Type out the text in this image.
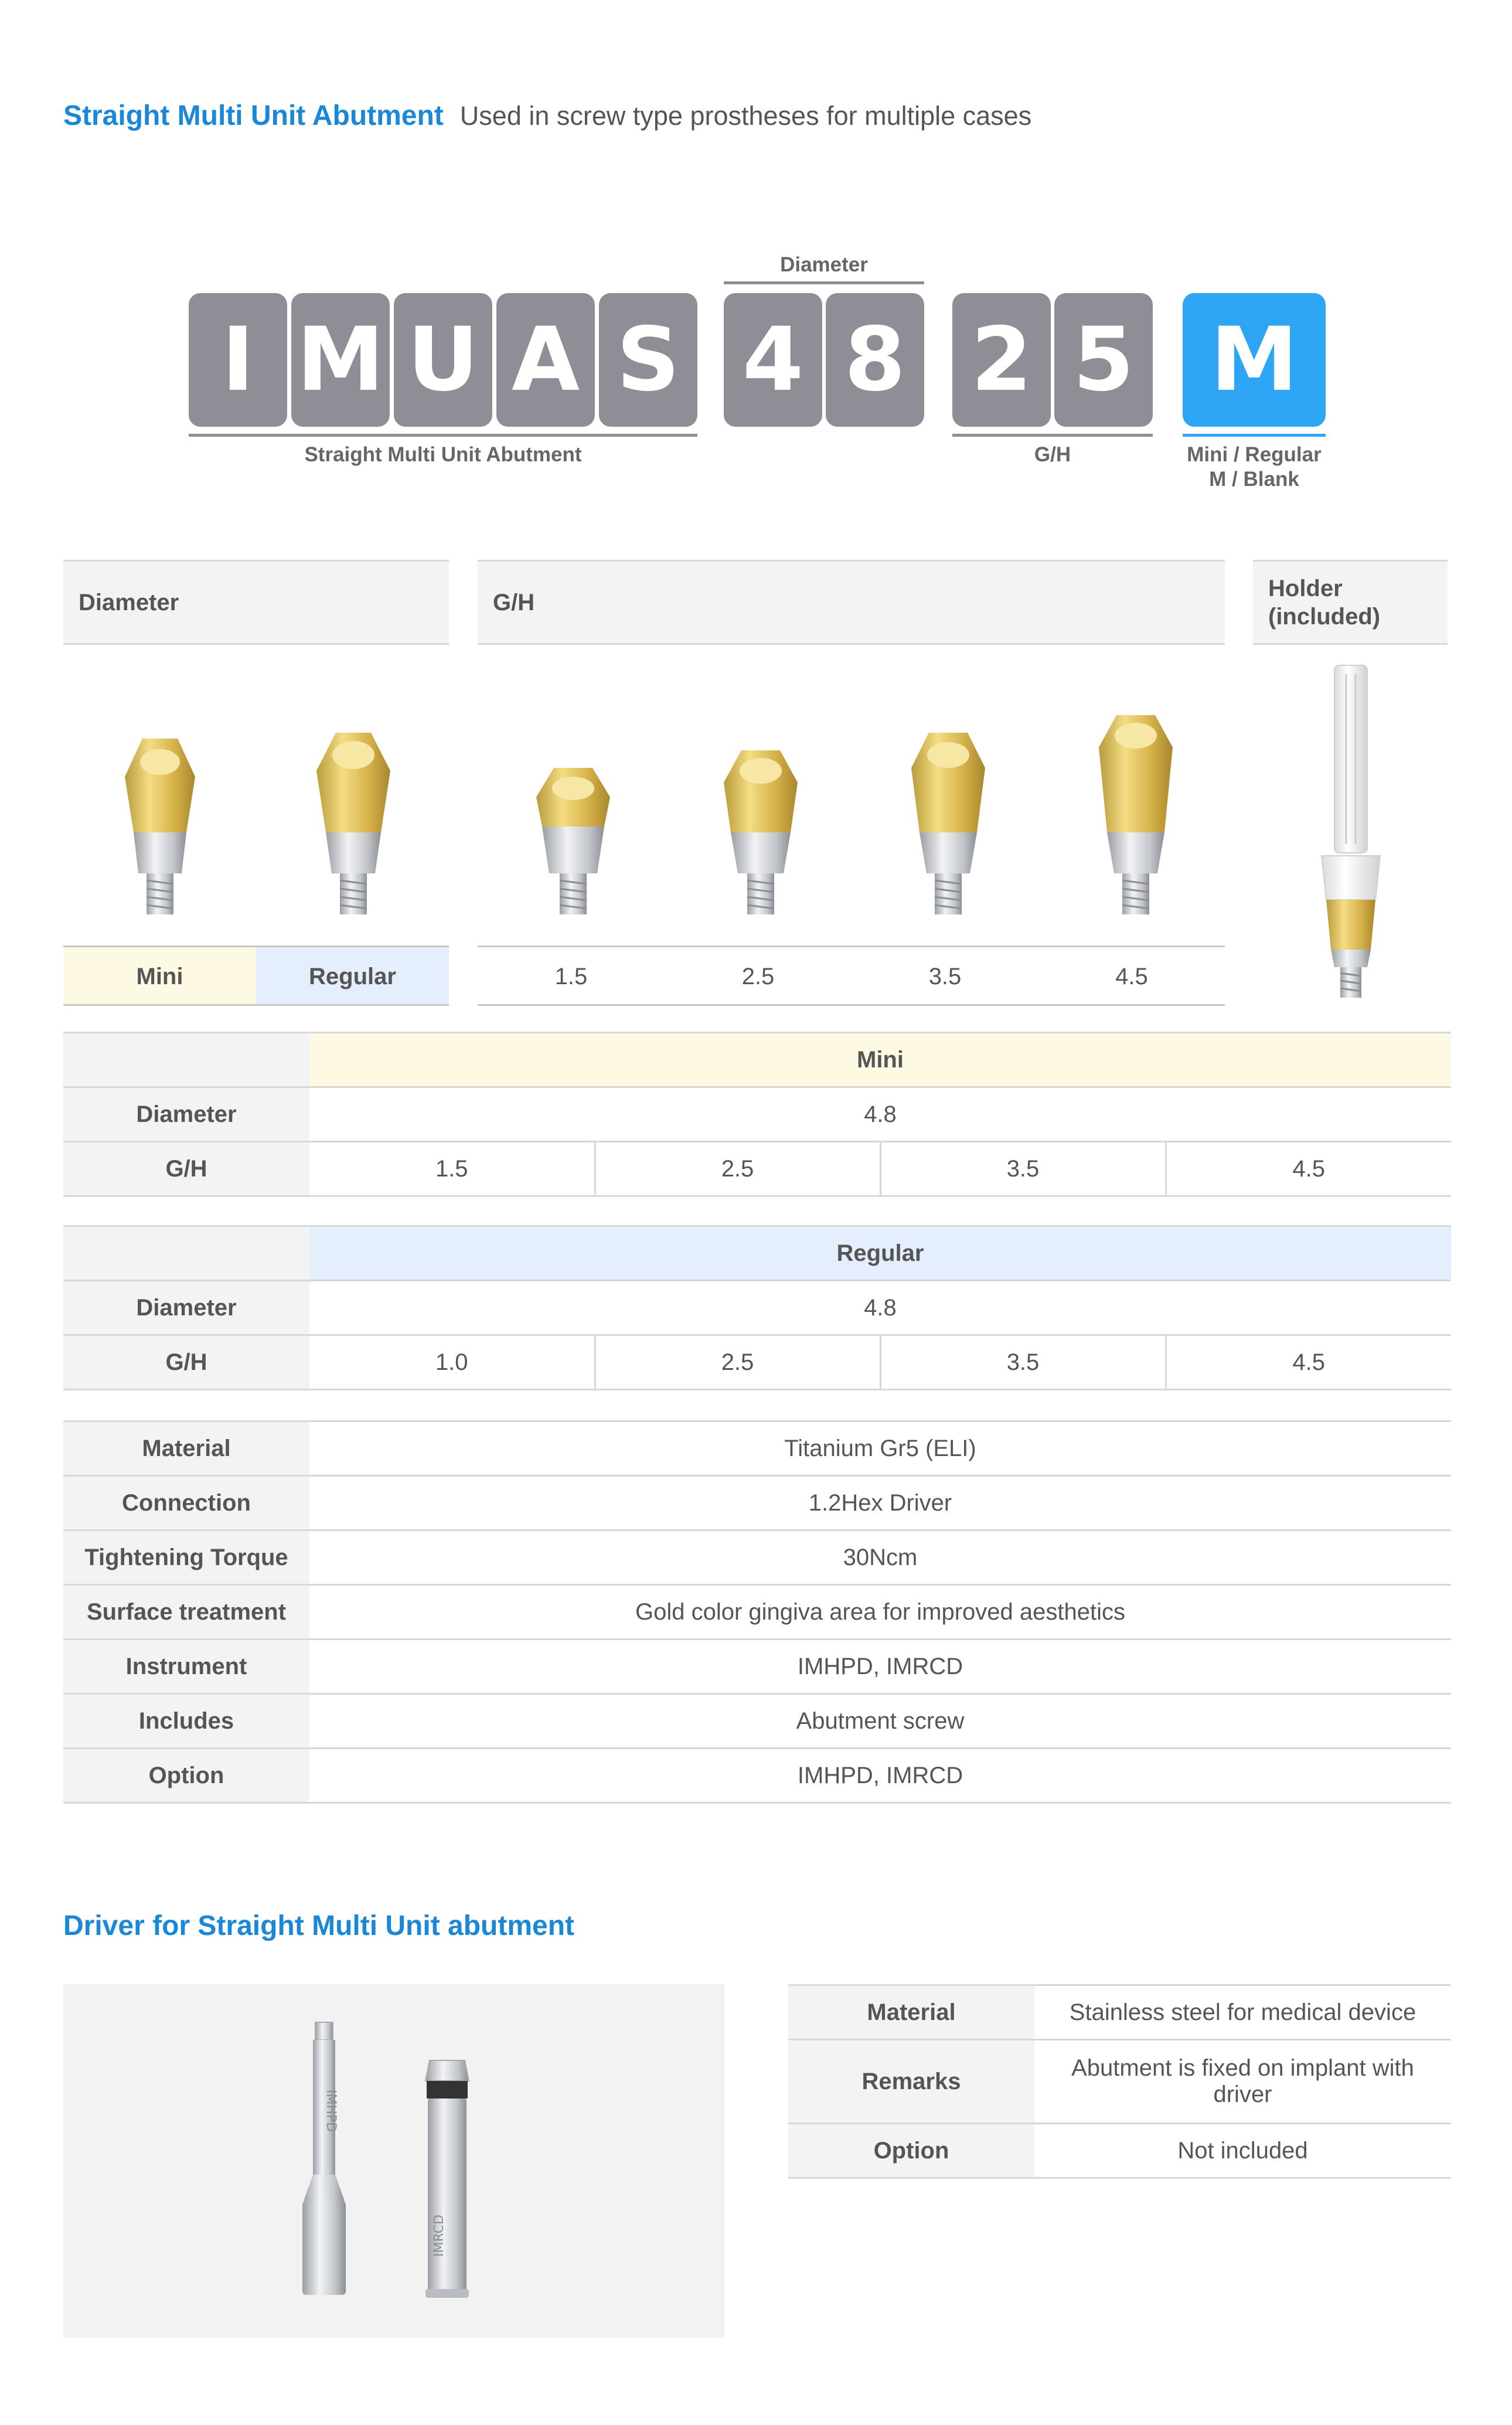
Straight Multi Unit Abutment Used in screw type prostheses for multiple cases
Diameter
I M U A S 4 8 2 5 M
Straight Multi Unit Abutment	G/H	Mini / Regular
M / Blank
Diameter	G/H
Holder (included)
Mini	Regular	1.5	2.5	3.5	4.5
	Mini			
Diameter	4.8			
G/H	1.5	2.5	3.5	4.5
	Regular			
Diameter	4.8			
G/H	1.0	2.5	3.5	4.5
Material	Titanium Gr5 (ELI)
Connection	1.2Hex Driver
Tightening Torque	30Ncm
Surface treatment	Gold color gingiva area for improved aesthetics
Instrument	IMHPD, IMRCD
Includes	Abutment screw
Option	IMHPD, IMRCD
Driver for Straight Multi Unit abutment
IMHPD
IMRCD
Material	Stainless steel for medical device
Remarks	Abutment is fixed on implant with driver
Option	Not included
